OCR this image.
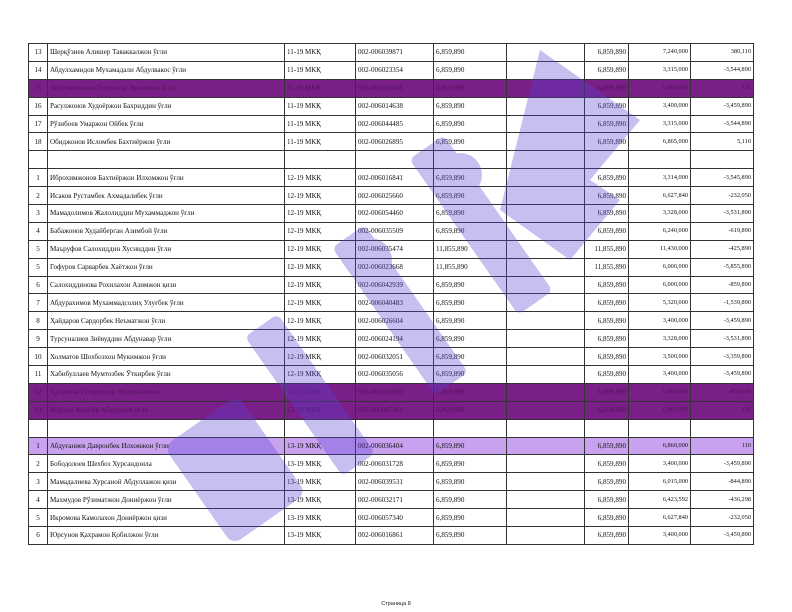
13	Шерқўзиев Алишер Таваккалжон ўғли	11-19 МКҚ	002-006039871	6,859,890		6,859,890	7,240,000	380,110
14	Абдулхамидов Мухамадали Абдулвакос ўғли	11-19 МКҚ	002-006023354	6,859,890		6,859,890	3,315,000	-3,544,890
15	Абдуманнонов Тохиржон Эркинжон ўғли	11-19 МКҚ	002-006033048	6,859,890		6,859,890	6,860,000	110
16	Расулжонов Худоёржон Бахриддин ўғли	11-19 МКҚ	002-006014638	6,859,890		6,859,890	3,400,000	-3,459,890
17	Рўзибоев Умаржон Ойбек ўғли	11-19 МКҚ	002-006044485	6,859,890		6,859,890	3,315,000	-3,544,890
18	Обиджонов Исломбек Бахтиёржон ўғли	11-19 МКҚ	002-006026895	6,859,890		6,859,890	6,865,000	5,110

1	Иброхимжонов Бахтиёржон Илхомжон ўғли	12-19 МКҚ	002-006016841	6,859,890		6,859,890	3,314,000	-3,545,890
2	Исаков Рустамбек Ахмадалибек ўғли	12-19 МКҚ	002-006025660	6,859,890		6,859,890	6,627,840	-232,050
3	Мамадолимов Жалолиддин Мухаммаджон ўғли	12-19 МКҚ	002-006054460	6,859,890		6,859,890	3,328,000	-3,531,890
4	Бабажонов Худайберган Азимбой ўғли	12-19 МКҚ	002-006035509	6,859,890		6,859,890	6,240,000	-619,890
5	Маъруфов Салохиддин Хусниддин ўғли	12-19 МКҚ	002-006035474	11,855,890		11,855,890	11,430,000	-425,890
5	Гофуров Сарварбек Хаётжон ўғли	12-19 МКҚ	002-006023668	11,855,890		11,855,890	6,000,000	-5,855,890
6	Салохиддинова Рохилахон Азимжон қизи	12-19 МКҚ	002-006042939	6,859,890		6,859,890	6,000,000	-859,890
7	Абдурахимов Мухаммадсолиҳ Улуғбек ўғли	12-19 МКҚ	002-006040483	6,859,890		6,859,890	5,320,000	-1,539,890
8	Ҳайдаров Сардорбек Неъматжон ўғли	12-19 МКҚ	002-006026604	6,859,890		6,859,890	3,400,000	-3,459,890
9	Турсуналиев Зиёвуддин Абдунавар ўғли	12-19 МКҚ	002-006024194	6,859,890		6,859,890	3,328,000	-3,531,890
10	Холматов Шохбозхон Мукимжон ўғли	12-19 МКҚ	002-006032051	6,859,890		6,859,890	3,500,000	-3,359,890
11	Хабибуллаев Мумтозбек Ўткирбек ўғли	12-19 МКҚ	002-006035056	6,859,890		6,859,890	3,400,000	-3,459,890
12	Ҳусанова Гулирухсор Абдувалиевна	12-19 МКҚ	002-006036690	6,859,890		6,859,890	6,000,000	-859,890
13	Жўраев Зиёдбек Абдуллаев ўғли	12-19 МКҚ	002-006047161	6,859,890		6,859,890	6,860,000	110

1	Абдуғаниев Давронбек Илхомжон ўғли	13-19 МКҚ	002-006036404	6,859,890		6,859,890	6,860,000	110
2	Бободолоев Шехбоз Хурсандоила	13-19 МКҚ	002-006031728	6,859,890		6,859,890	3,400,000	-3,459,890
3	Мамадалиева Хурсаной Абдуллажон қизи	13-19 МКҚ	002-006039531	6,859,890		6,859,890	6,015,000	-844,890
4	Махмудов Рўзиматжон Дониёржон ўғли	13-19 МКҚ	002-006032171	6,859,890		6,859,890	6,423,592	-436,298
5	Икромова Камолахон Дониёржон қизи	13-19 МКҚ	002-006057340	6,859,890		6,859,890	6,627,840	-232,050
6	Юрсунов Қахрамон Қобилжон ўғли	13-19 МКҚ	002-006016861	6,859,890		6,859,890	3,400,000	-3,459,890
Страница 8
